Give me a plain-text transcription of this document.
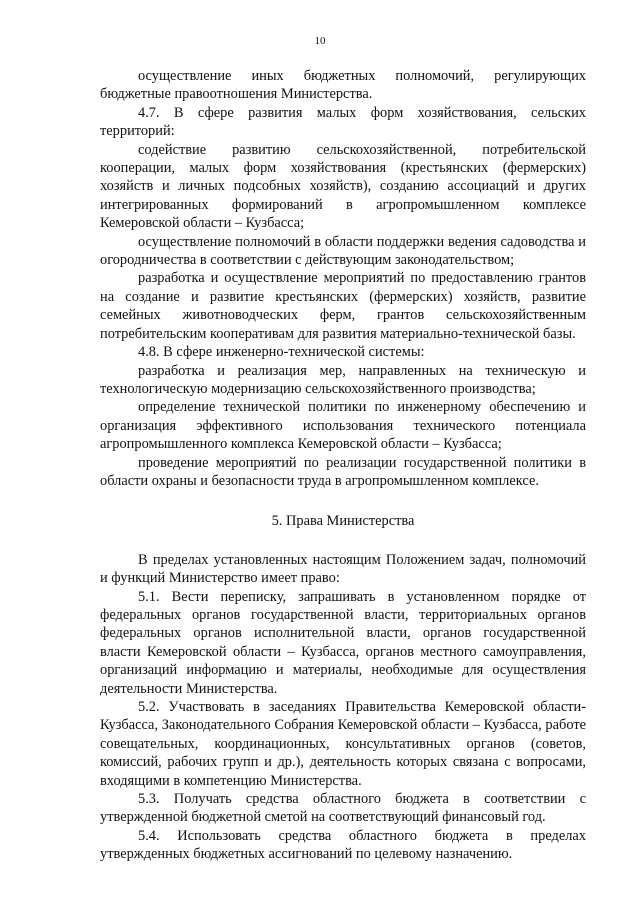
10

осуществление иных бюджетных полномочий, регулирующих бюджетные правоотношения Министерства.

4.7. В сфере развития малых форм хозяйствования, сельских территорий:

содействие развитию сельскохозяйственной, потребительской кооперации, малых форм хозяйствования (крестьянских (фермерских) хозяйств и личных подсобных хозяйств), созданию ассоциаций и других интегрированных формирований в агропромышленном комплексе Кемеровской области – Кузбасса;

осуществление полномочий в области поддержки ведения садоводства и огородничества в соответствии с действующим законодательством;

разработка и осуществление мероприятий по предоставлению грантов на создание и развитие крестьянских (фермерских) хозяйств, развитие семейных животноводческих ферм, грантов сельскохозяйственным потребительским кооперативам для развития материально-технической базы.

4.8. В сфере инженерно-технической системы:

разработка и реализация мер, направленных на техническую и технологическую модернизацию сельскохозяйственного производства;

определение технической политики по инженерному обеспечению и организация эффективного использования технического потенциала агропромышленного комплекса Кемеровской области – Кузбасса;

проведение мероприятий по реализации государственной политики в области охраны и безопасности труда в агропромышленном комплексе.

5. Права Министерства

В пределах установленных настоящим Положением задач, полномочий и функций Министерство имеет право:

5.1. Вести переписку, запрашивать в установленном порядке от федеральных органов государственной власти, территориальных органов федеральных органов исполнительной власти, органов государственной власти Кемеровской области – Кузбасса, органов местного самоуправления, организаций информацию и материалы, необходимые для осуществления деятельности Министерства.

5.2. Участвовать в заседаниях Правительства Кемеровской области-Кузбасса, Законодательного Собрания Кемеровской области – Кузбасса, работе совещательных, координационных, консультативных органов (советов, комиссий, рабочих групп и др.), деятельность которых связана с вопросами, входящими в компетенцию Министерства.

5.3. Получать средства областного бюджета в соответствии с утвержденной бюджетной сметой на соответствующий финансовый год.

5.4. Использовать средства областного бюджета в пределах утвержденных бюджетных ассигнований по целевому назначению.
